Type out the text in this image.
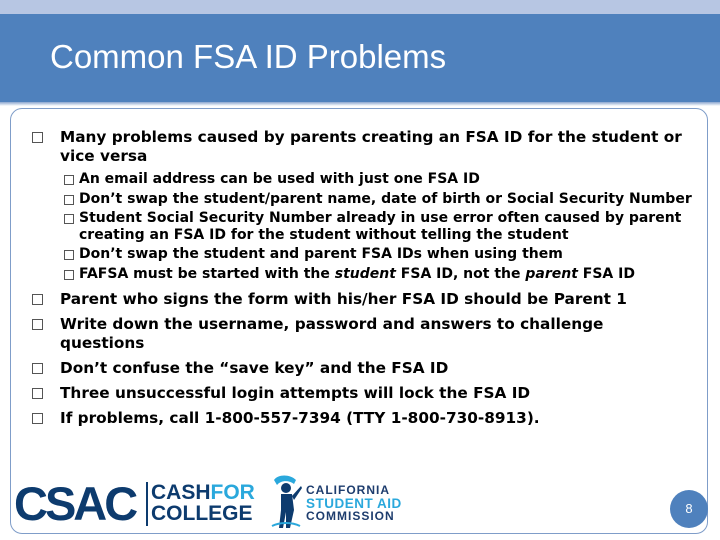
Common FSA ID Problems
Many problems caused by parents creating an FSA ID for the student or vice versa
An email address can be used with just one FSA ID
Don’t swap the student/parent name, date of birth or Social Security Number
Student Social Security Number already in use error often caused by parent creating an FSA ID for the student without telling the student
Don’t swap the student and parent FSA IDs when using them
FAFSA must be started with the student FSA ID, not the parent FSA ID
Parent who signs the form with his/her FSA ID should be Parent 1
Write down the username, password and answers to challenge questions
Don’t confuse the “save key” and the FSA ID
Three unsuccessful login attempts will lock the FSA ID
If problems, call 1-800-557-7394 (TTY 1-800-730-8913).
CSAC CASHFOR
COLLEGE
CALIFORNIA
STUDENT AID
COMMISSION	8
